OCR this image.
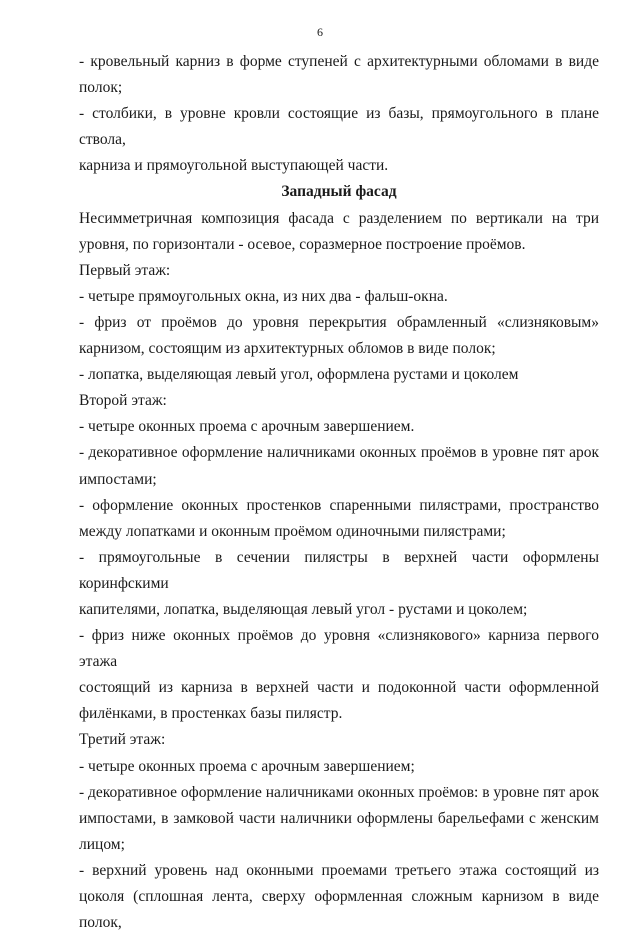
6

- кровельный карниз в форме ступеней с архитектурными обломами в виде

полок;

- столбики, в уровне кровли состоящие из базы, прямоугольного в плане ствола,

карниза и прямоугольной выступающей части.

Западный фасад

Несимметричная композиция фасада с разделением по вертикали на три

уровня, по горизонтали - осевое, соразмерное построение проёмов.

Первый этаж:

- четыре прямоугольных окна, из них два - фальш-окна.

- фриз от проёмов до уровня перекрытия обрамленный «слизняковым»

карнизом, состоящим из архитектурных обломов в виде полок;

- лопатка, выделяющая левый угол, оформлена рустами и цоколем

Второй этаж:

- четыре оконных проема с арочным завершением.

- декоративное оформление наличниками оконных проёмов в уровне пят арок

импостами;

- оформление оконных простенков спаренными пилястрами, пространство

между лопатками и оконным проёмом одиночными пилястрами;

- прямоугольные в сечении пилястры в верхней части оформлены коринфскими

капителями, лопатка, выделяющая левый угол - рустами и цоколем;

- фриз ниже оконных проёмов до уровня «слизнякового» карниза первого этажа

состоящий из карниза в верхней части и подоконной части оформленной

филёнками, в простенках базы пилястр.

Третий этаж:

- четыре оконных проема с арочным завершением;

- декоративное оформление наличниками оконных проёмов: в уровне пят арок

импостами, в замковой части наличники оформлены барельефами с женским

лицом;

- верхний уровень над оконными проемами третьего этажа состоящий из

цоколя (сплошная лента, сверху оформленная сложным карнизом в виде полок,
